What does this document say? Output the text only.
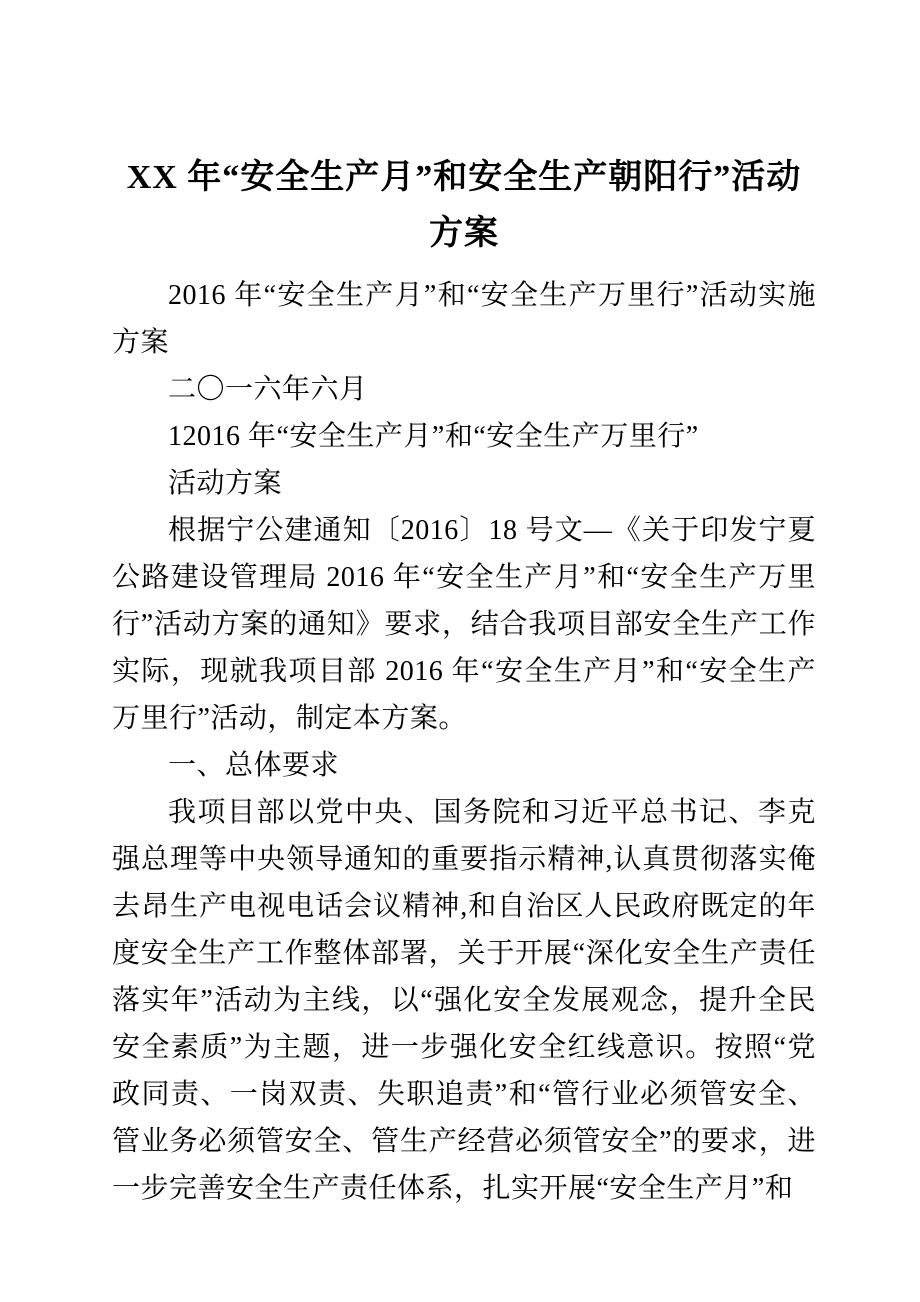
XX 年“安全生产月”和安全生产朝阳行”活动方案

2016 年“安全生产月”和“安全生产万里行”活动实施方案

二〇一六年六月

12016 年“安全生产月”和“安全生产万里行”

活动方案

根据宁公建通知〔2016〕18 号文—《关于印发宁夏公路建设管理局 2016 年“安全生产月”和“安全生产万里行”活动方案的通知》要求，结合我项目部安全生产工作实际，现就我项目部 2016 年“安全生产月”和“安全生产万里行”活动，制定本方案。

一、总体要求

我项目部以党中央、国务院和习近平总书记、李克强总理等中央领导通知的重要指示精神,认真贯彻落实俺去昂生产电视电话会议精神,和自治区人民政府既定的年度安全生产工作整体部署，关于开展“深化安全生产责任落实年”活动为主线，以“强化安全发展观念，提升全民安全素质”为主题，进一步强化安全红线意识。按照“党政同责、一岗双责、失职追责”和“管行业必须管安全、管业务必须管安全、管生产经营必须管安全”的要求，进一步完善安全生产责任体系，扎实开展“安全生产月”和
